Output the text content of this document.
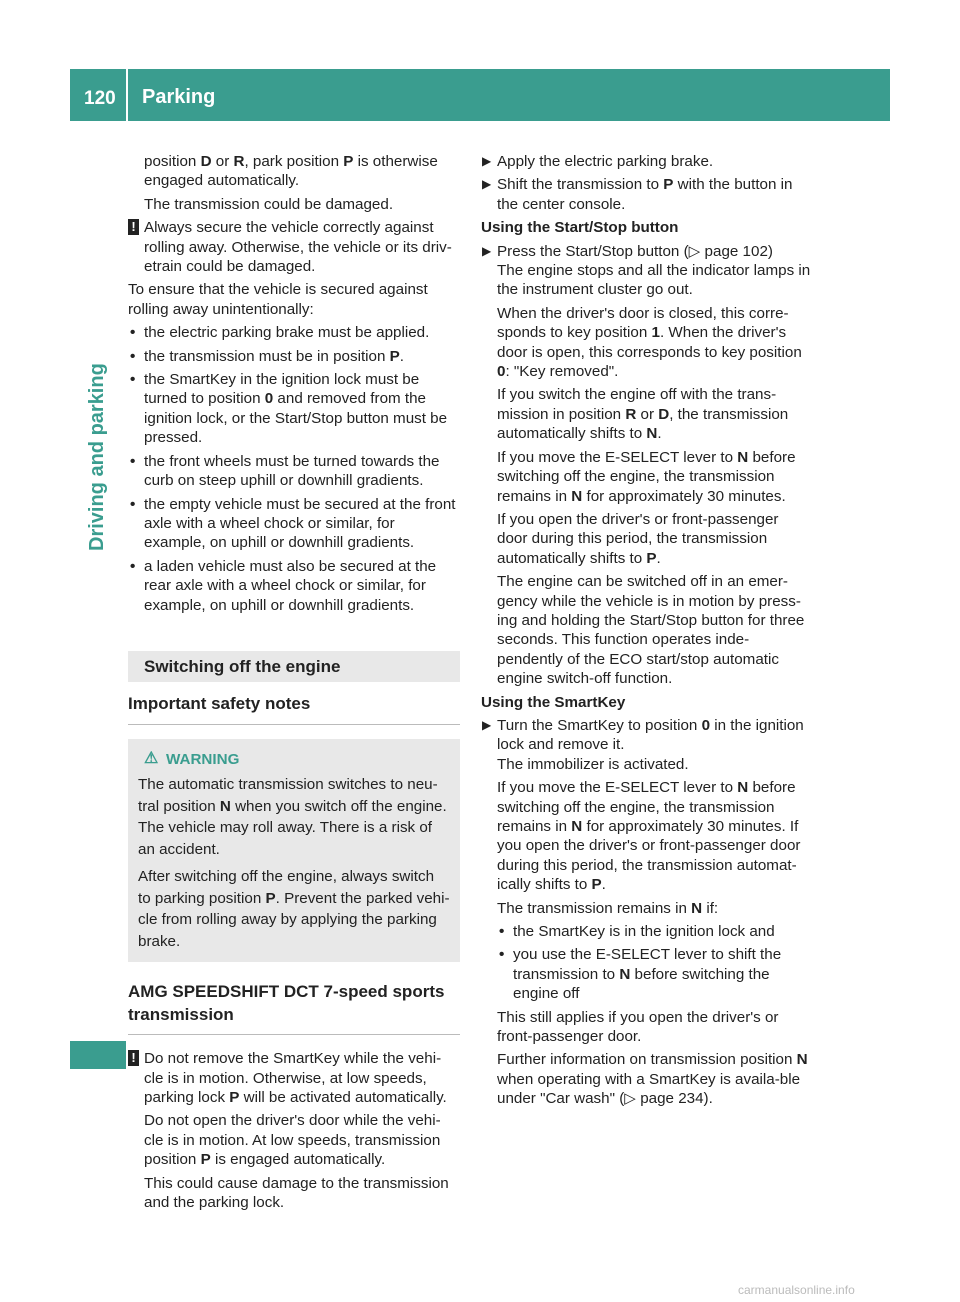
120 Parking
Driving and parking

position D or R, park position P is otherwise engaged automatically.

The transmission could be damaged.

! Always secure the vehicle correctly against rolling away. Otherwise, the vehicle or its driv-etrain could be damaged.

To ensure that the vehicle is secured against rolling away unintentionally:

• the electric parking brake must be applied.

• the transmission must be in position P.

• the SmartKey in the ignition lock must be turned to position 0 and removed from the ignition lock, or the Start/Stop button must be pressed.

• the front wheels must be turned towards the curb on steep uphill or downhill gradients.

• the empty vehicle must be secured at the front axle with a wheel chock or similar, for example, on uphill or downhill gradients.

• a laden vehicle must also be secured at the rear axle with a wheel chock or similar, for example, on uphill or downhill gradients.

Switching off the engine
Important safety notes

⚠ WARNING

The automatic transmission switches to neu-tral position N when you switch off the engine. The vehicle may roll away. There is a risk of an accident.

After switching off the engine, always switch to parking position P. Prevent the parked vehi-cle from rolling away by applying the parking brake.

AMG SPEEDSHIFT DCT 7-speed sports transmission

! Do not remove the SmartKey while the vehi-cle is in motion. Otherwise, at low speeds, parking lock P will be activated automatically.

Do not open the driver's door while the vehi-cle is in motion. At low speeds, transmission position P is engaged automatically.

This could cause damage to the transmission and the parking lock.

▶ Apply the electric parking brake.

▶ Shift the transmission to P with the button in the center console.

Using the Start/Stop button

▶ Press the Start/Stop button (▷ page 102)
The engine stops and all the indicator lamps in the instrument cluster go out.

When the driver's door is closed, this corre-sponds to key position 1. When the driver's door is open, this corresponds to key position 0: "Key removed".

If you switch the engine off with the trans-mission in position R or D, the transmission automatically shifts to N.

If you move the E-SELECT lever to N before switching off the engine, the transmission remains in N for approximately 30 minutes.

If you open the driver's or front-passenger door during this period, the transmission automatically shifts to P.

The engine can be switched off in an emer-gency while the vehicle is in motion by press-ing and holding the Start/Stop button for three seconds. This function operates inde-pendently of the ECO start/stop automatic engine switch-off function.

Using the SmartKey

▶ Turn the SmartKey to position 0 in the ignition lock and remove it.
The immobilizer is activated.

If you move the E-SELECT lever to N before switching off the engine, the transmission remains in N for approximately 30 minutes. If you open the driver's or front-passenger door during this period, the transmission automat-ically shifts to P.

The transmission remains in N if:

• the SmartKey is in the ignition lock and

• you use the E-SELECT lever to shift the transmission to N before switching the engine off

This still applies if you open the driver's or front-passenger door.

Further information on transmission position N when operating with a SmartKey is availa-ble under "Car wash" (▷ page 234).

carmanualsonline.info
